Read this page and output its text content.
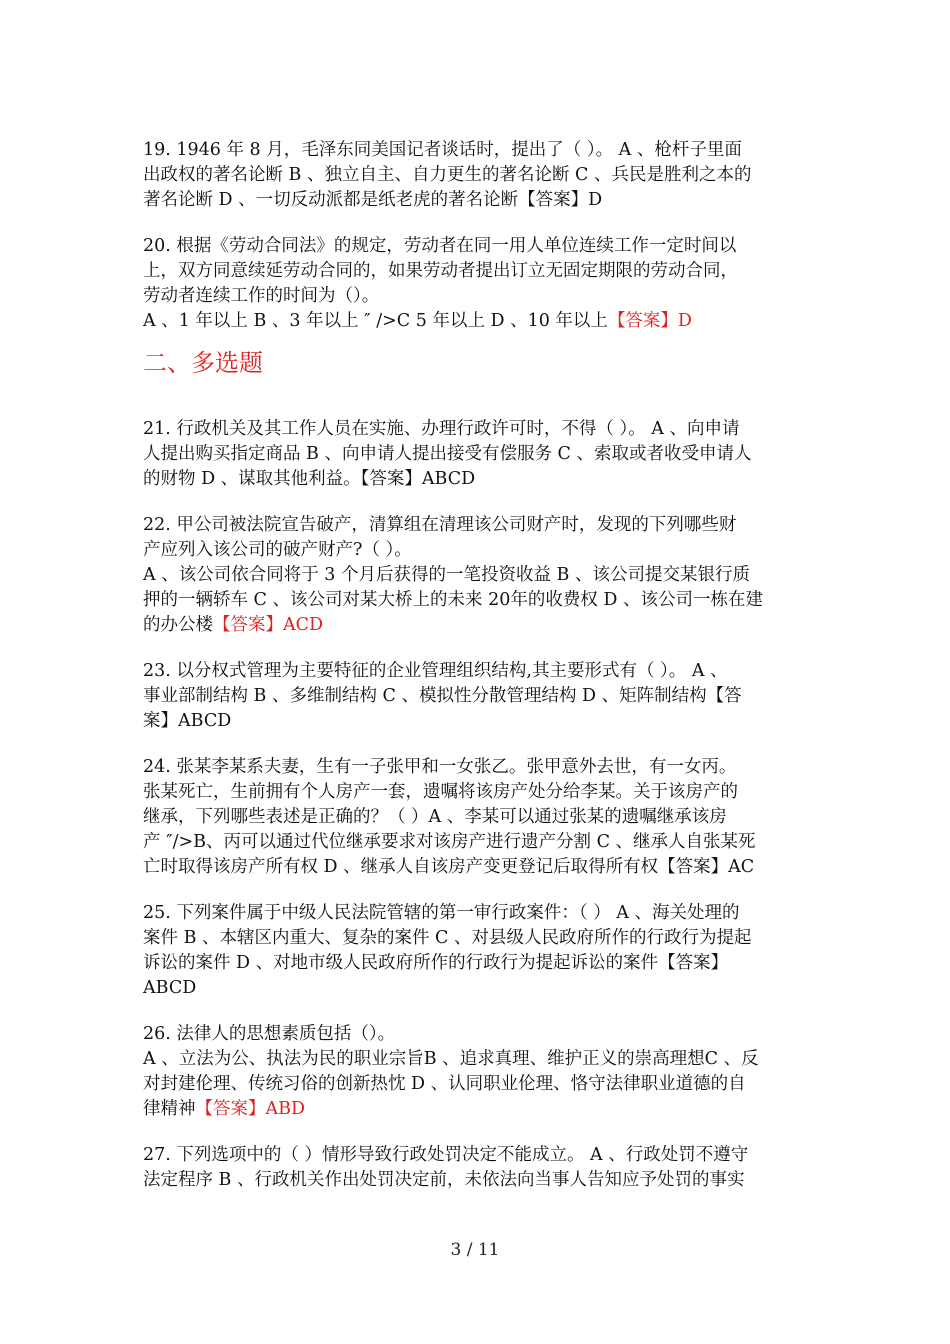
19. 1946 年 8 月，毛泽东同美国记者谈话时，提出了（ ）。 A 、枪杆子里面
出政权的著名论断 B 、独立自主、自力更生的著名论断 C 、兵民是胜利之本的
著名论断 D 、一切反动派都是纸老虎的著名论断【答案】D
20. 根据《劳动合同法》的规定，劳动者在同一用人单位连续工作一定时间以
上，双方同意续延劳动合同的，如果劳动者提出订立无固定期限的劳动合同，
劳动者连续工作的时间为（）。
A 、1 年以上 B 、3 年以上 ″ />C 5 年以上 D 、10 年以上【答案】D
二、多选题
21. 行政机关及其工作人员在实施、办理行政许可时，不得（ ）。 A 、向申请
人提出购买指定商品 B 、向申请人提出接受有偿服务 C 、索取或者收受申请人
的财物 D 、谋取其他利益。【答案】ABCD
22. 甲公司被法院宣告破产，清算组在清理该公司财产时，发现的下列哪些财
产应列入该公司的破产财产?（ ）。
A 、该公司依合同将于 3 个月后获得的一笔投资收益 B 、该公司提交某银行质
押的一辆轿车 C 、该公司对某大桥上的未来 20年的收费权 D 、该公司一栋在建
的办公楼【答案】ACD
23. 以分权式管理为主要特征的企业管理组织结构,其主要形式有（ ）。 A 、
事业部制结构 B 、多维制结构 C 、模拟性分散管理结构 D 、矩阵制结构【答
案】ABCD
24. 张某李某系夫妻，生有一子张甲和一女张乙。张甲意外去世，有一女丙。
张某死亡，生前拥有个人房产一套，遗嘱将该房产处分给李某。关于该房产的
继承，下列哪些表述是正确的？（ ）A 、李某可以通过张某的遗嘱继承该房
产 ″/>B、丙可以通过代位继承要求对该房产进行遗产分割 C 、继承人自张某死
亡时取得该房产所有权 D 、继承人自该房产变更登记后取得所有权【答案】AC
25. 下列案件属于中级人民法院管辖的第一审行政案件：（ ） A 、海关处理的
案件 B 、本辖区内重大、复杂的案件 C 、对县级人民政府所作的行政行为提起
诉讼的案件 D 、对地市级人民政府所作的行政行为提起诉讼的案件【答案】
ABCD
26. 法律人的思想素质包括（）。
A 、立法为公、执法为民的职业宗旨B 、追求真理、维护正义的崇高理想C 、反
对封建伦理、传统习俗的创新热忱 D 、认同职业伦理、恪守法律职业道德的自
律精神【答案】ABD
27. 下列选项中的（ ）情形导致行政处罚决定不能成立。 A 、行政处罚不遵守
法定程序 B 、行政机关作出处罚决定前，未依法向当事人告知应予处罚的事实
3 / 11
